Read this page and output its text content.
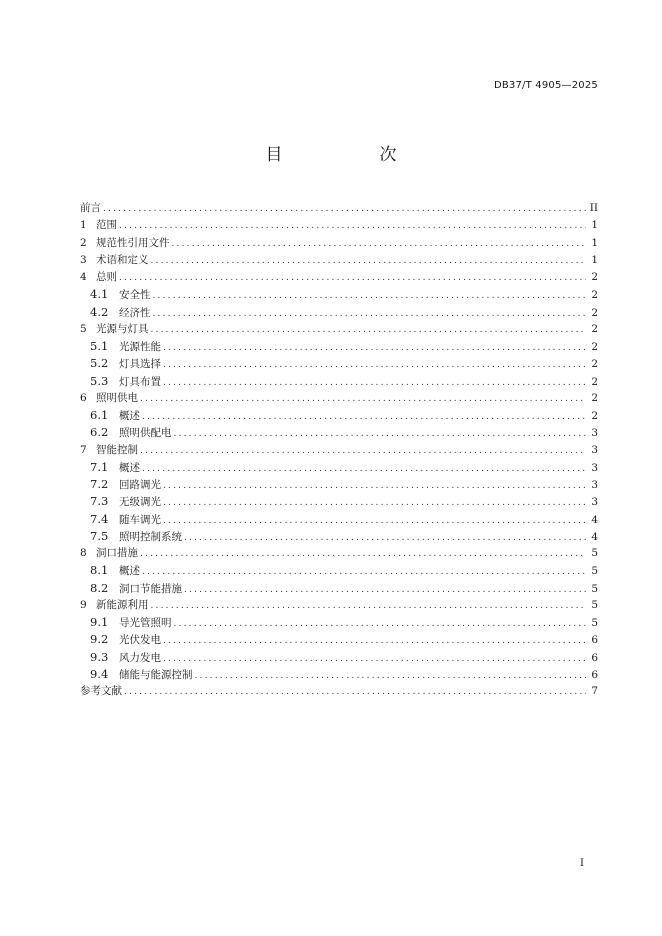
DB37/T 4905—2025
目　次
前言 .....	II
1 范围 .....	1
2 规范性引用文件 .....	1
3 术语和定义 .....	1
4 总则 .....	2
4.1	安全性 .....	2
4.2	经济性 .....	2
5 光源与灯具 .....	2
5.1	光源性能 .....	2
5.2	灯具选择 .....	2
5.3	灯具布置 .....	2
6 照明供电 .....	2
6.1	概述 .....	2
6.2	照明供配电 .....	3
7 智能控制 .....	3
7.1	概述 .....	3
7.2	回路调光 .....	3
7.3	无级调光 .....	3
7.4	随车调光 .....	4
7.5	照明控制系统 .....	4
8 洞口措施 .....	5
8.1	概述 .....	5
8.2	洞口节能措施 .....	5
9 新能源利用 .....	5
9.1	导光管照明 .....	5
9.2	光伏发电 .....	6
9.3	风力发电 .....	6
9.4	储能与能源控制 .....	6
参考文献 .....	7
I
